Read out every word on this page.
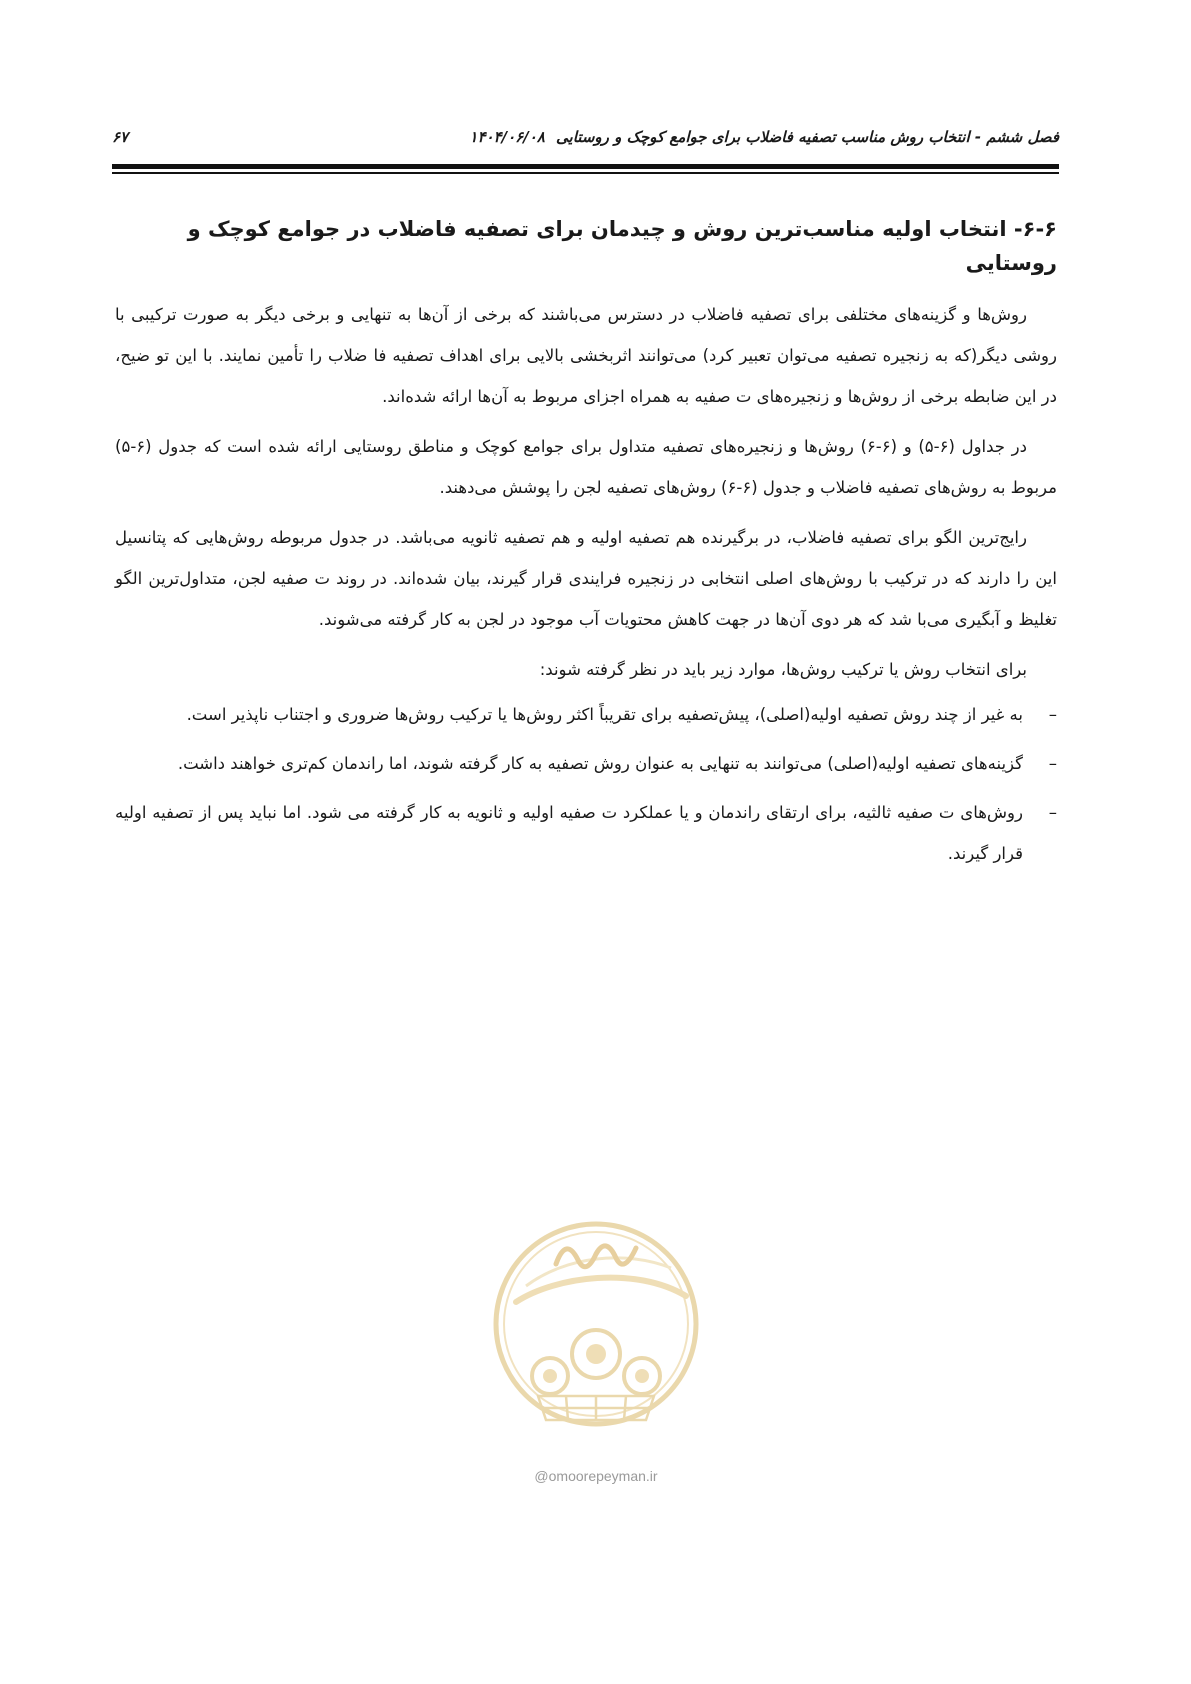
فصل ششم - انتخاب روش مناسب تصفیه فاضلاب برای جوامع کوچک و روستایی ۱۴۰۴/۰۶/۰۸
۶۷
۶-۶- انتخاب اولیه مناسب‌ترین روش و چیدمان برای تصفیه فاضلاب در جوامع کوچک و روستایی

روش‌ها و گزینه‌های مختلفی برای تصفیه فاضلاب در دسترس می‌باشند که برخی از آن‌ها به تنهایی و برخی دیگر به صورت ترکیبی با روشی دیگر(که به زنجیره تصفیه می‌توان تعبیر کرد) می‌توانند اثربخشی بالایی برای اهداف تصفیه فا ضلاب را تأمین نمایند. با این تو ضیح، در این ضابطه برخی از روش‌ها و زنجیره‌های ت صفیه به همراه اجزای مربوط به آن‌ها ارائه شده‌اند.

در جداول (۶-۵) و (۶-۶) روش‌ها و زنجیره‌های تصفیه متداول برای جوامع کوچک و مناطق روستایی ارائه شده است که جدول (۶-۵) مربوط به روش‌های تصفیه فاضلاب و جدول (۶-۶) روش‌های تصفیه لجن را پوشش می‌دهند.

رایج‌ترین الگو برای تصفیه فاضلاب، در برگیرنده هم تصفیه اولیه و هم تصفیه ثانویه می‌باشد. در جدول مربوطه روش‌هایی که پتانسیل این را دارند که در ترکیب با روش‌های اصلی انتخابی در زنجیره فرایندی قرار گیرند، بیان شده‌اند. در روند ت صفیه لجن، متداول‌ترین الگو تغلیظ و آبگیری می‌با شد که هر دوی آن‌ها در جهت کاهش محتویات آب موجود در لجن به کار گرفته می‌شوند.

برای انتخاب روش یا ترکیب روش‌ها، موارد زیر باید در نظر گرفته شوند:

–
به غیر از چند روش تصفیه اولیه(اصلی)، پیش‌تصفیه برای تقریباً اکثر روش‌ها یا ترکیب روش‌ها ضروری و اجتناب ناپذیر است.
–
گزینه‌های تصفیه اولیه(اصلی) می‌توانند به تنهایی به عنوان روش تصفیه به کار گرفته شوند، اما راندمان کم‌تری خواهند داشت.
–
روش‌های ت صفیه ثالثیه، برای ارتقای راندمان و یا عملکرد ت صفیه اولیه و ثانویه به کار گرفته می شود. اما نباید پس از تصفیه اولیه قرار گیرند.
@omoorepeyman.ir
